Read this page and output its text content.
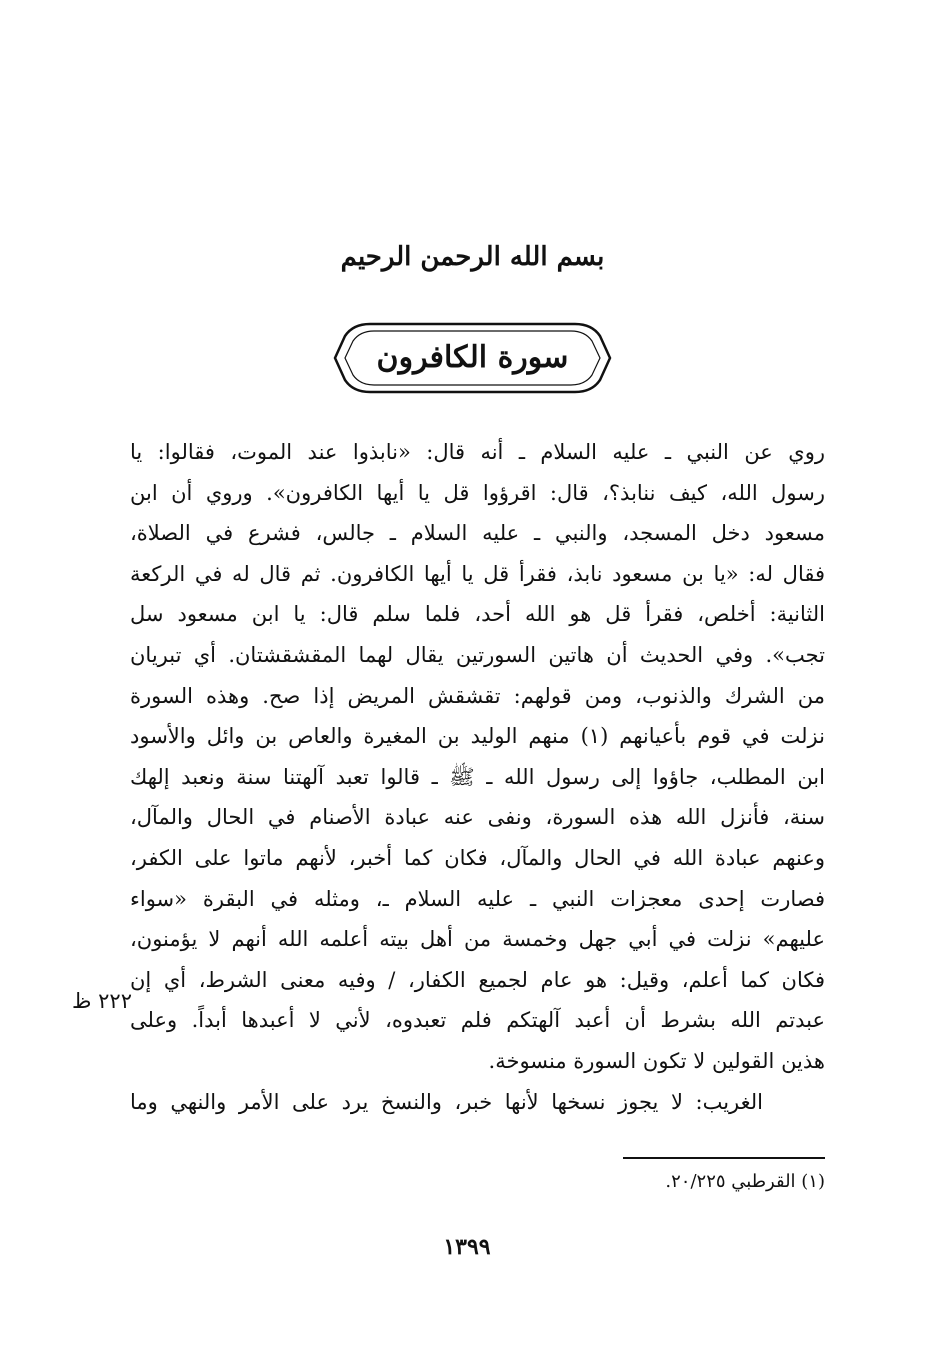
بسم الله الرحمن الرحيم
سورة الكافرون
روي عن النبي ـ عليه السلام ـ أنه قال: «نابذوا عند الموت، فقالوا: يا
رسول الله، كيف ننابذ؟، قال: اقرؤوا قل يا أيها الكافرون». وروي أن ابن
مسعود دخل المسجد، والنبي ـ عليه السلام ـ جالس، فشرع في الصلاة،
فقال له: «يا بن مسعود نابذ، فقرأ قل يا أيها الكافرون. ثم قال له في الركعة
الثانية: أخلص، فقرأ قل هو الله أحد، فلما سلم قال: يا ابن مسعود سل
تجب». وفي الحديث أن هاتين السورتين يقال لهما المقشقشتان. أي تبريان
من الشرك والذنوب، ومن قولهم: تقشقش المريض إذا صح. وهذه السورة
نزلت في قوم بأعيانهم (١) منهم الوليد بن المغيرة والعاص بن وائل والأسود
ابن المطلب، جاؤوا إلى رسول الله ـ ﷺ ـ قالوا تعبد آلهتنا سنة ونعبد إلهك
سنة، فأنزل الله هذه السورة، ونفى عنه عبادة الأصنام في الحال والمآل،
وعنهم عبادة الله في الحال والمآل، فكان كما أخبر، لأنهم ماتوا على الكفر،
فصارت إحدى معجزات النبي ـ عليه السلام ـ، ومثله في البقرة «سواء
عليهم» نزلت في أبي جهل وخمسة من أهل بيته أعلمه الله أنهم لا يؤمنون،
فكان كما أعلم، وقيل: هو عام لجميع الكفار، / وفيه معنى الشرط، أي إن
عبدتم الله بشرط أن أعبد آلهتكم فلم تعبدوه، لأني لا أعبدها أبداً. وعلى
هذين القولين لا تكون السورة منسوخة.
الغريب: لا يجوز نسخها لأنها خبر، والنسخ يرد على الأمر والنهي وما
٢٢٢ ظ
(١) القرطبي ٢٠/٢٢٥.
١٣٩٩
